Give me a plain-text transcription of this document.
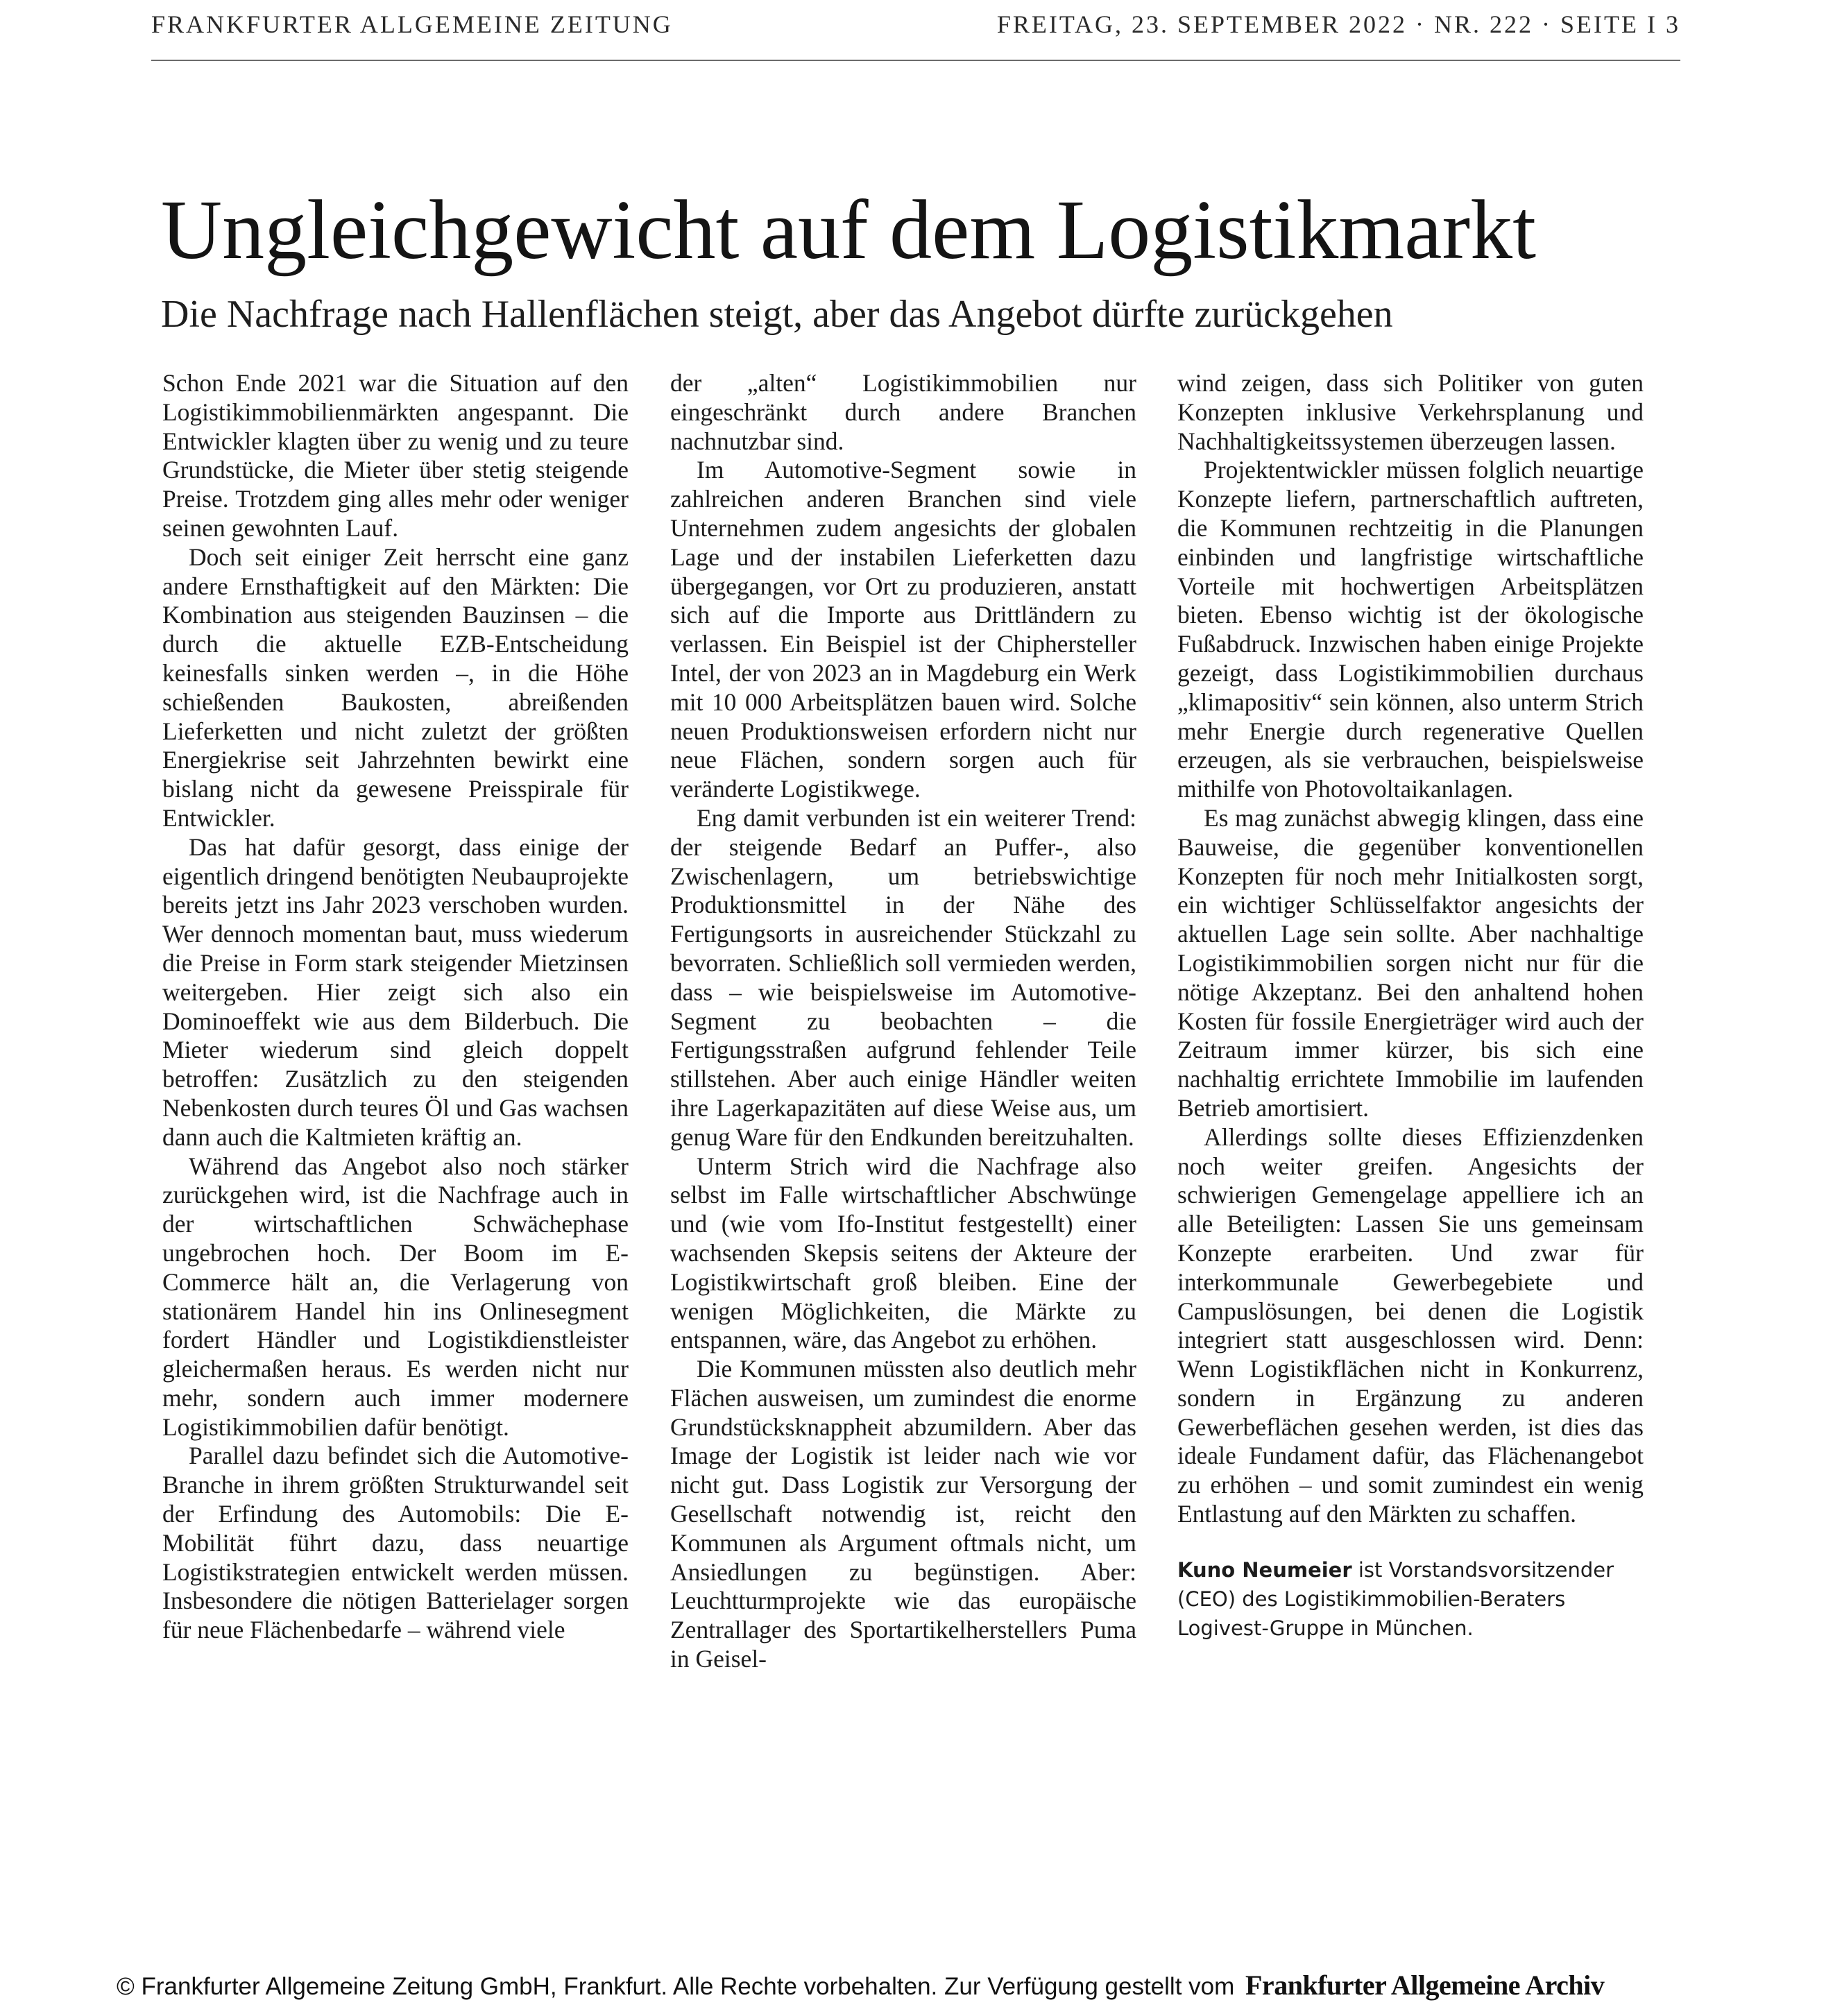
FRANKFURTER ALLGEMEINE ZEITUNG	FREITAG, 23. SEPTEMBER 2022 · NR. 222 · SEITE I 3
Ungleichgewicht auf dem Logistikmarkt
Die Nachfrage nach Hallenflächen steigt, aber das Angebot dürfte zurückgehen

Schon Ende 2021 war die Situation auf den Logistikimmobilienmärkten angespannt. Die Entwickler klagten über zu wenig und zu teure Grundstücke, die Mieter über stetig steigende Preise. Trotzdem ging alles mehr oder weniger seinen gewohnten Lauf.

Doch seit einiger Zeit herrscht eine ganz andere Ernsthaftigkeit auf den Märkten: Die Kombination aus steigenden Bauzinsen – die durch die aktuelle EZB-Entscheidung keinesfalls sinken werden –, in die Höhe schießenden Baukosten, abreißenden Lieferketten und nicht zuletzt der größten Energiekrise seit Jahrzehnten bewirkt eine bislang nicht da gewesene Preisspirale für Entwickler.

Das hat dafür gesorgt, dass einige der eigentlich dringend benötigten Neubauprojekte bereits jetzt ins Jahr 2023 verschoben wurden. Wer dennoch momentan baut, muss wiederum die Preise in Form stark steigender Mietzinsen weitergeben. Hier zeigt sich also ein Dominoeffekt wie aus dem Bilderbuch. Die Mieter wiederum sind gleich doppelt betroffen: Zusätzlich zu den steigenden Nebenkosten durch teures Öl und Gas wachsen dann auch die Kaltmieten kräftig an.

Während das Angebot also noch stärker zurückgehen wird, ist die Nachfrage auch in der wirtschaftlichen Schwächephase ungebrochen hoch. Der Boom im E-Commerce hält an, die Verlagerung von stationärem Handel hin ins Onlinesegment fordert Händler und Logistikdienstleister gleichermaßen heraus. Es werden nicht nur mehr, sondern auch immer modernere Logistikimmobilien dafür benötigt.

Parallel dazu befindet sich die Automotive-Branche in ihrem größten Strukturwandel seit der Erfindung des Automobils: Die E-Mobilität führt dazu, dass neuartige Logistikstrategien entwickelt werden müssen. Insbesondere die nötigen Batterielager sorgen für neue Flächenbedarfe – während viele

der „alten“ Logistikimmobilien nur eingeschränkt durch andere Branchen nachnutzbar sind.

Im Automotive-Segment sowie in zahlreichen anderen Branchen sind viele Unternehmen zudem angesichts der globalen Lage und der instabilen Lieferketten dazu übergegangen, vor Ort zu produzieren, anstatt sich auf die Importe aus Drittländern zu verlassen. Ein Beispiel ist der Chiphersteller Intel, der von 2023 an in Magdeburg ein Werk mit 10 000 Arbeitsplätzen bauen wird. Solche neuen Produktionsweisen erfordern nicht nur neue Flächen, sondern sorgen auch für veränderte Logistikwege.

Eng damit verbunden ist ein weiterer Trend: der steigende Bedarf an Puffer-, also Zwischenlagern, um betriebswichtige Produktionsmittel in der Nähe des Fertigungsorts in ausreichender Stückzahl zu bevorraten. Schließlich soll vermieden werden, dass – wie beispielsweise im Automotive-Segment zu beobachten – die Fertigungsstraßen aufgrund fehlender Teile stillstehen. Aber auch einige Händler weiten ihre Lagerkapazitäten auf diese Weise aus, um genug Ware für den Endkunden bereitzuhalten.

Unterm Strich wird die Nachfrage also selbst im Falle wirtschaftlicher Abschwünge und (wie vom Ifo-Institut festgestellt) einer wachsenden Skepsis seitens der Akteure der Logistikwirtschaft groß bleiben. Eine der wenigen Möglichkeiten, die Märkte zu entspannen, wäre, das Angebot zu erhöhen.

Die Kommunen müssten also deutlich mehr Flächen ausweisen, um zumindest die enorme Grundstücksknappheit abzumildern. Aber das Image der Logistik ist leider nach wie vor nicht gut. Dass Logistik zur Versorgung der Gesellschaft notwendig ist, reicht den Kommunen als Argument oftmals nicht, um Ansiedlungen zu begünstigen. Aber: Leuchtturmprojekte wie das europäische Zentrallager des Sportartikelherstellers Puma in Geisel-

wind zeigen, dass sich Politiker von guten Konzepten inklusive Verkehrsplanung und Nachhaltigkeitssystemen überzeugen lassen.

Projektentwickler müssen folglich neuartige Konzepte liefern, partnerschaftlich auftreten, die Kommunen rechtzeitig in die Planungen einbinden und langfristige wirtschaftliche Vorteile mit hochwertigen Arbeitsplätzen bieten. Ebenso wichtig ist der ökologische Fußabdruck. Inzwischen haben einige Projekte gezeigt, dass Logistikimmobilien durchaus „klimapositiv“ sein können, also unterm Strich mehr Energie durch regenerative Quellen erzeugen, als sie verbrauchen, beispielsweise mithilfe von Photovoltaikanlagen.

Es mag zunächst abwegig klingen, dass eine Bauweise, die gegenüber konventionellen Konzepten für noch mehr Initialkosten sorgt, ein wichtiger Schlüsselfaktor angesichts der aktuellen Lage sein sollte. Aber nachhaltige Logistikimmobilien sorgen nicht nur für die nötige Akzeptanz. Bei den anhaltend hohen Kosten für fossile Energieträger wird auch der Zeitraum immer kürzer, bis sich eine nachhaltig errichtete Immobilie im laufenden Betrieb amortisiert.

Allerdings sollte dieses Effizienzdenken noch weiter greifen. Angesichts der schwierigen Gemengelage appelliere ich an alle Beteiligten: Lassen Sie uns gemeinsam Konzepte erarbeiten. Und zwar für interkommunale Gewerbegebiete und Campuslösungen, bei denen die Logistik integriert statt ausgeschlossen wird. Denn: Wenn Logistikflächen nicht in Konkurrenz, sondern in Ergänzung zu anderen Gewerbeflächen gesehen werden, ist dies das ideale Fundament dafür, das Flächenangebot zu erhöhen – und somit zumindest ein wenig Entlastung auf den Märkten zu schaffen.

Kuno Neumeier ist Vorstandsvorsitzender (CEO) des Logistikimmobilien-Beraters Logivest-Gruppe in München.
© Frankfurter Allgemeine Zeitung GmbH, Frankfurt. Alle Rechte vorbehalten. Zur Verfügung gestellt vom Frankfurter Allgemeine Archiv
